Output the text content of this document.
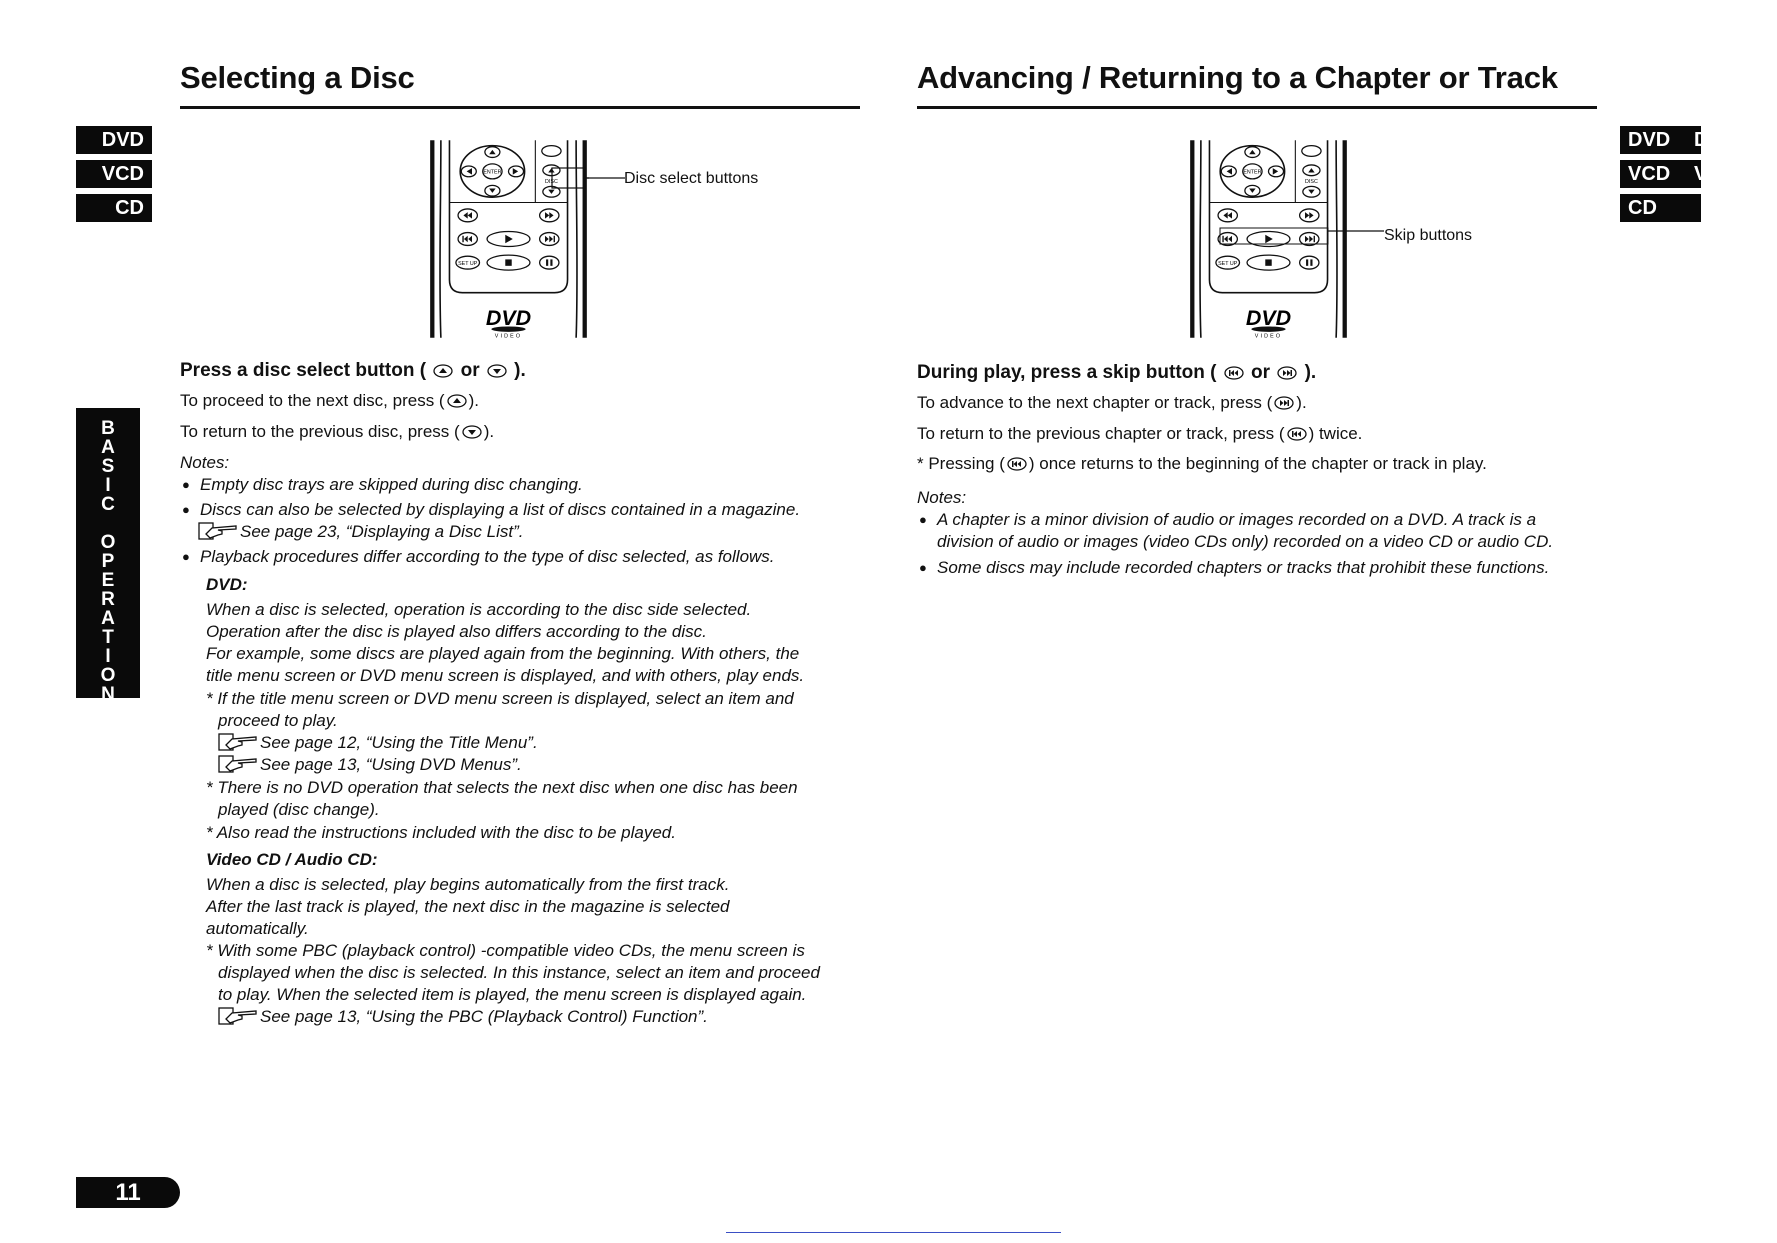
Selecting a Disc
DVD
VCD
CD
B
A
S
I
C

O
P
E
R
A
T
I
O
N
Disc select buttons
Press a disc select button ( or ).
To proceed to the next disc, press ( ).
To return to the previous disc, press ( ).
Notes:
● Empty disc trays are skipped during disc changing.
● Discs can also be selected by displaying a list of discs contained in a magazine.
See page 23, “Displaying a Disc List”.
● Playback procedures differ according to the type of disc selected, as follows.
DVD:
When a disc is selected, operation is according to the disc side selected.
Operation after the disc is played also differs according to the disc.
For example, some discs are played again from the beginning. With others, the
title menu screen or DVD menu screen is displayed, and with others, play ends.
* If the title menu screen or DVD menu screen is displayed, select an item and
proceed to play.
See page 12, “Using the Title Menu”.
See page 13, “Using DVD Menus”.
* There is no DVD operation that selects the next disc when one disc has been
played (disc change).
* Also read the instructions included with the disc to be played.
Video CD / Audio CD:
When a disc is selected, play begins automatically from the first track.
After the last track is played, the next disc in the magazine is selected
automatically.
* With some PBC (playback control) -compatible video CDs, the menu screen is
displayed when the disc is selected. In this instance, select an item and proceed
to play. When the selected item is played, the menu screen is displayed again.
See page 13, “Using the PBC (Playback Control) Function”.
11
Advancing / Returning to a Chapter or Track
DVD D
VCD V
CD
Skip buttons
During play, press a skip button ( or ).
To advance to the next chapter or track, press ( ).
To return to the previous chapter or track, press ( ) twice.
* Pressing ( ) once returns to the beginning of the chapter or track in play.
Notes:
● A chapter is a minor division of audio or images recorded on a DVD. A track is a
division of audio or images (video CDs only) recorded on a video CD or audio CD.
● Some discs may include recorded chapters or tracks that prohibit these functions.
